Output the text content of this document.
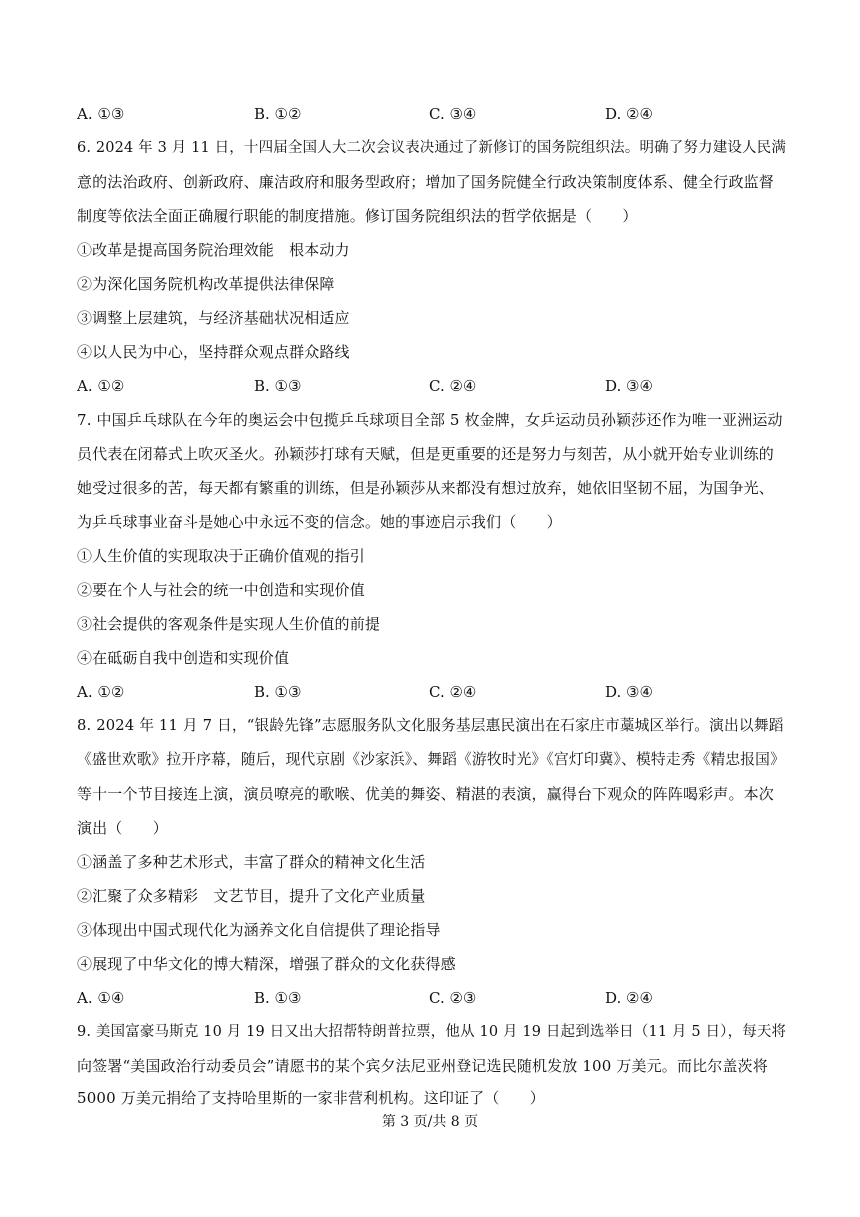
A. ①③	B. ①②	C. ③④	D. ②④
6. 2024 年 3 月 11 日，十四届全国人大二次会议表决通过了新修订的国务院组织法。明确了努力建设人民满
意的法治政府、创新政府、廉洁政府和服务型政府；增加了国务院健全行政决策制度体系、健全行政监督
制度等依法全面正确履行职能的制度措施。修订国务院组织法的哲学依据是（　　）
①改革是提高国务院治理效能　根本动力
②为深化国务院机构改革提供法律保障
③调整上层建筑，与经济基础状况相适应
④以人民为中心，坚持群众观点群众路线
A. ①②	B. ①③	C. ②④	D. ③④
7. 中国乒乓球队在今年的奥运会中包揽乒乓球项目全部 5 枚金牌，女乒运动员孙颖莎还作为唯一亚洲运动
员代表在闭幕式上吹灭圣火。孙颖莎打球有天赋，但是更重要的还是努力与刻苦，从小就开始专业训练的
她受过很多的苦，每天都有繁重的训练，但是孙颖莎从来都没有想过放弃，她依旧坚韧不屈，为国争光、
为乒乓球事业奋斗是她心中永远不变的信念。她的事迹启示我们（　　）
①人生价值的实现取决于正确价值观的指引
②要在个人与社会的统一中创造和实现价值
③社会提供的客观条件是实现人生价值的前提
④在砥砺自我中创造和实现价值
A. ①②	B. ①③	C. ②④	D. ③④
8. 2024 年 11 月 7 日，“银龄先锋”志愿服务队文化服务基层惠民演出在石家庄市藁城区举行。演出以舞蹈
《盛世欢歌》拉开序幕，随后，现代京剧《沙家浜》、舞蹈《游牧时光》《宫灯印冀》、模特走秀《精忠报国》
等十一个节目接连上演，演员嘹亮的歌喉、优美的舞姿、精湛的表演，赢得台下观众的阵阵喝彩声。本次
演出（　　）
①涵盖了多种艺术形式，丰富了群众的精神文化生活
②汇聚了众多精彩　文艺节目，提升了文化产业质量
③体现出中国式现代化为涵养文化自信提供了理论指导
④展现了中华文化的博大精深，增强了群众的文化获得感
A. ①④	B. ①③	C. ②③	D. ②④
9. 美国富豪马斯克 10 月 19 日又出大招帮特朗普拉票，他从 10 月 19 日起到选举日（11 月 5 日），每天将
向签署“美国政治行动委员会”请愿书的某个宾夕法尼亚州登记选民随机发放 100 万美元。而比尔盖茨将
5000 万美元捐给了支持哈里斯的一家非营利机构。这印证了（　　）
第 3 页/共 8 页
